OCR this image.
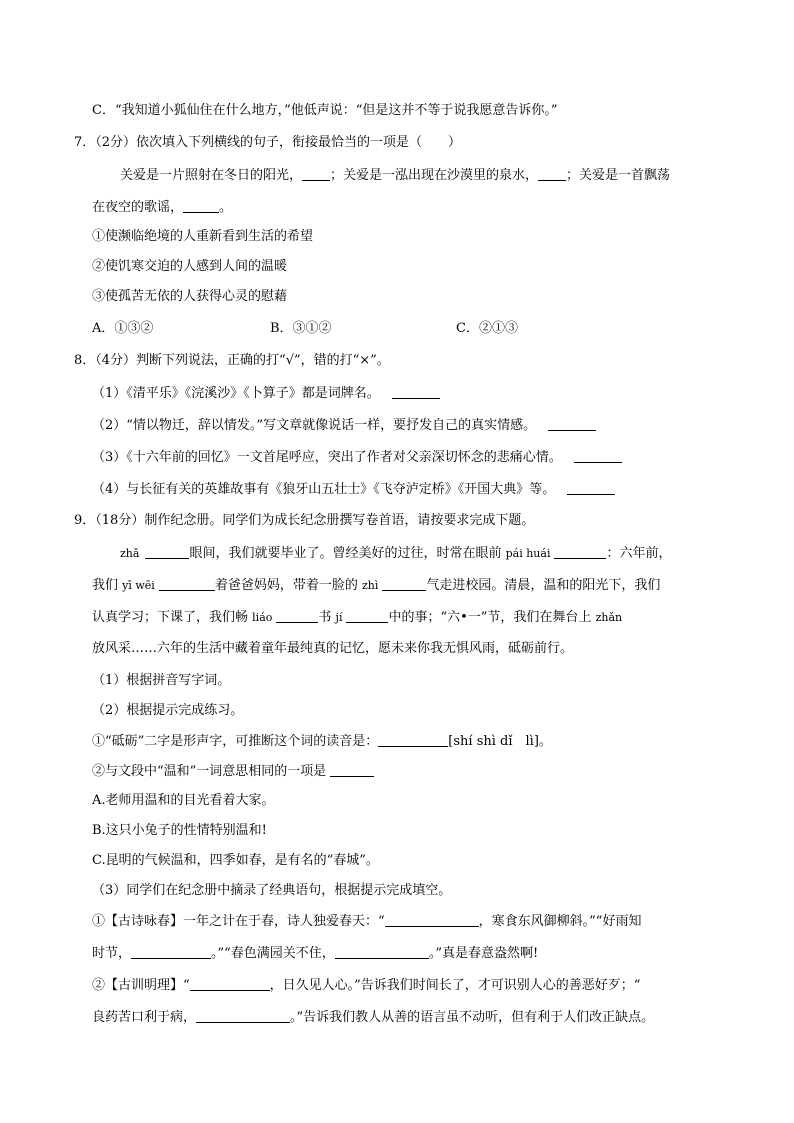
C．“我知道小狐仙住在什么地方，”他低声说：“但是这并不等于说我愿意告诉你。”
7．（2分）依次填入下列横线的句子，衔接最恰当的一项是（　　）
关爱是一片照射在冬日的阳光， ；关爱是一泓出现在沙漠里的泉水， ；关爱是一首飘荡
在夜空的歌谣，	。
①使濒临绝境的人重新看到生活的希望
②使饥寒交迫的人感到人间的温暖
③使孤苦无依的人获得心灵的慰藉
A．①③②	B．③①②	C．②①③
8．（4分）判断下列说法，正确的打“√”，错的打“×”。
（1）《清平乐》《浣溪沙》《卜算子》都是词牌名。
（2）“情以物迁，辞以情发。”写文章就像说话一样，要抒发自己的真实情感。
（3）《十六年前的回忆》一文首尾呼应，突出了作者对父亲深切怀念的悲痛心情。
（4）与长征有关的英雄故事有《狼牙山五壮士》《飞夺泸定桥》《开国大典》等。
9．（18分）制作纪念册。同学们为成长纪念册撰写卷首语，请按要求完成下题。
zhǎ	眼间，我们就要毕业了。曾经美好的过往，时常在眼前 pái huái	：六年前，
我们 yī wēi	着爸爸妈妈，带着一脸的 zhì	气走进校园。清晨，温和的阳光下，我们
认真学习；下课了，我们畅 liáo	书 jí	中的事；“六•一”节，我们在舞台上 zhǎn
放风采……六年的生活中藏着童年最纯真的记忆，愿未来你我无惧风雨，砥砺前行。
（1）根据拼音写字词。
（2）根据提示完成练习。
①“砥砺”二字是形声字，可推断这个词的读音是：	[shí shì dǐ　lì]。
②与文段中“温和”一词意思相同的一项是
A.老师用温和的目光看着大家。
B.这只小兔子的性情特别温和!
C.昆明的气候温和，四季如春，是有名的“春城”。
（3）同学们在纪念册中摘录了经典语句，根据提示完成填空。
①【古诗咏春】一年之计在于春，诗人独爱春天：“	，寒食东风御柳斜。”“好雨知
时节，	。”“春色满园关不住，	。”真是春意盎然啊!
②【古训明理】“	，日久见人心。”告诉我们时间长了，才可识别人心的善恶好歹；“
良药苦口利于病，	。”告诉我们教人从善的语言虽不动听，但有利于人们改正缺点。
